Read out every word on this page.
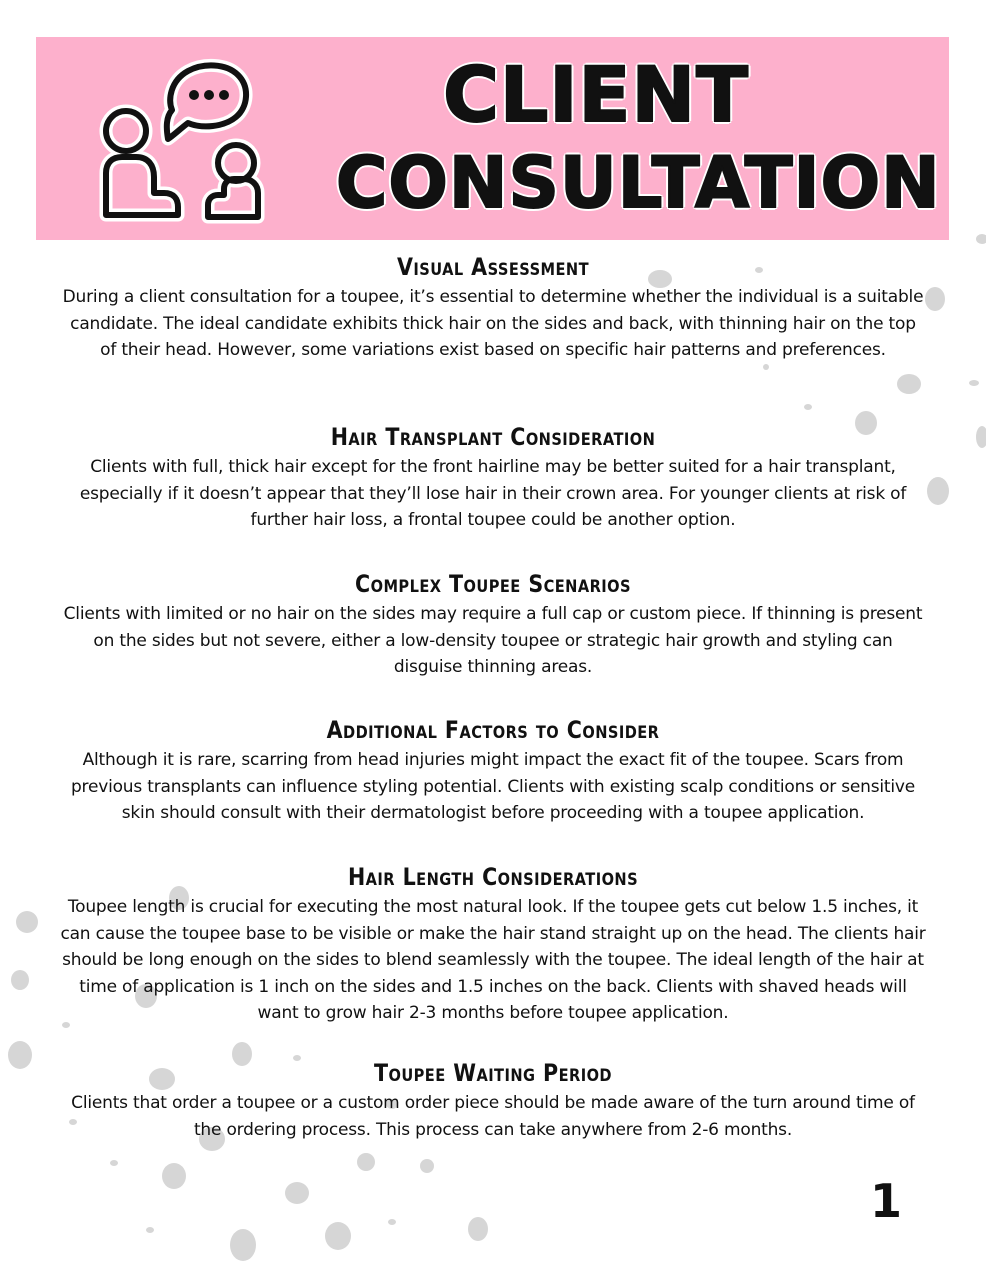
CLIENT
CONSULTATION
Visual Assessment

During a client consultation for a toupee, it’s essential to determine whether the individual is a suitable candidate. The ideal candidate exhibits thick hair on the sides and back, with thinning hair on the top of their head. However, some variations exist based on specific hair patterns and preferences.

Hair Transplant Consideration

Clients with full, thick hair except for the front hairline may be better suited for a hair transplant, especially if it doesn’t appear that they’ll lose hair in their crown area. For younger clients at risk of further hair loss, a frontal toupee could be another option.

Complex Toupee Scenarios

Clients with limited or no hair on the sides may require a full cap or custom piece. If thinning is present on the sides but not severe, either a low-density toupee or strategic hair growth and styling can disguise thinning areas.

Additional Factors to Consider

Although it is rare, scarring from head injuries might impact the exact fit of the toupee. Scars from previous transplants can influence styling potential. Clients with existing scalp conditions or sensitive skin should consult with their dermatologist before proceeding with a toupee application.

Hair Length Considerations

Toupee length is crucial for executing the most natural look. If the toupee gets cut below 1.5 inches, it can cause the toupee base to be visible or make the hair stand straight up on the head. The clients hair should be long enough on the sides to blend seamlessly with the toupee. The ideal length of the hair at time of application is 1 inch on the sides and 1.5 inches on the back. Clients with shaved heads will want to grow hair 2-3 months before toupee application.

Toupee Waiting Period

Clients that order a toupee or a custom order piece should be made aware of the turn around time of the ordering process. This process can take anywhere from 2-6 months.

1
